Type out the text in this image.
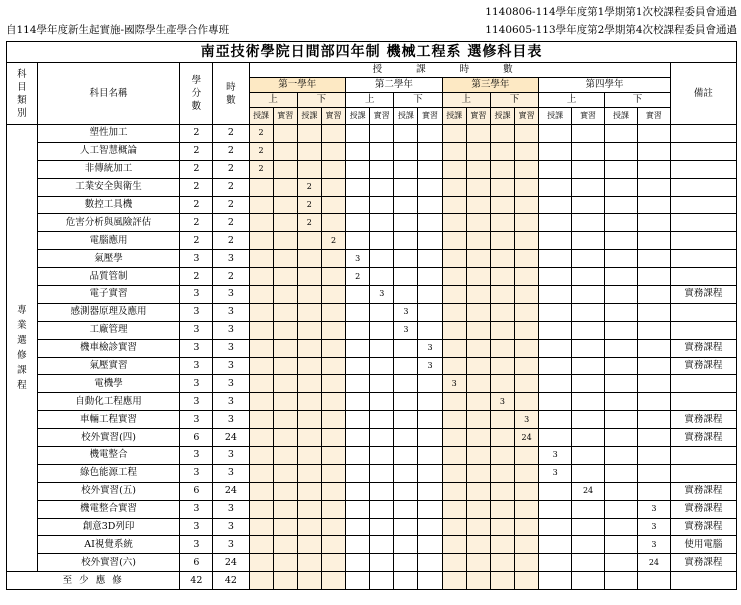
1140806-114學年度第1學期第1次校課程委員會通過
自114學年度新生起實施-國際學生產學合作專班	1140605-113學年度第2學期第4次校課程委員會通過
南亞技術學院日間部四年制 機械工程系 選修科目表																				
科目類別	科目名稱	學分數	時數	授課時數																備註
				第一學年				第二學年				第三學年				第四學年				
				上		下		上		下		上		下		上		下		
				授課	實習	授課	實習	授課	實習	授課	實習	授課	實習	授課	實習	授課	實習	授課	實習	
專業選修課程	塑性加工	2	2	2																
	人工智慧概論	2	2	2																
	非傳統加工	2	2	2																
	工業安全與衛生	2	2			2														
	數控工具機	2	2			2														
	危害分析與風險評估	2	2			2														
	電腦應用	2	2				2													
	氣壓學	3	3					3												
	品質管制	2	2					2												
	電子實習	3	3						3											實務課程
	感測器原理及應用	3	3							3										
	工廠管理	3	3							3										
	機車檢診實習	3	3								3									實務課程
	氣壓實習	3	3								3									實務課程
	電機學	3	3									3								
	自動化工程應用	3	3											3						
	車輛工程實習	3	3												3					實務課程
	校外實習(四)	6	24												24					實務課程
	機電整合	3	3													3				
	綠色能源工程	3	3													3				
	校外實習(五)	6	24														24			實務課程
	機電整合實習	3	3																3	實務課程
	創意3D列印	3	3																3	實務課程
	AI視覺系統	3	3																3	使用電腦
	校外實習(六)	6	24																24	實務課程
至 少 應 修		42	42																	
